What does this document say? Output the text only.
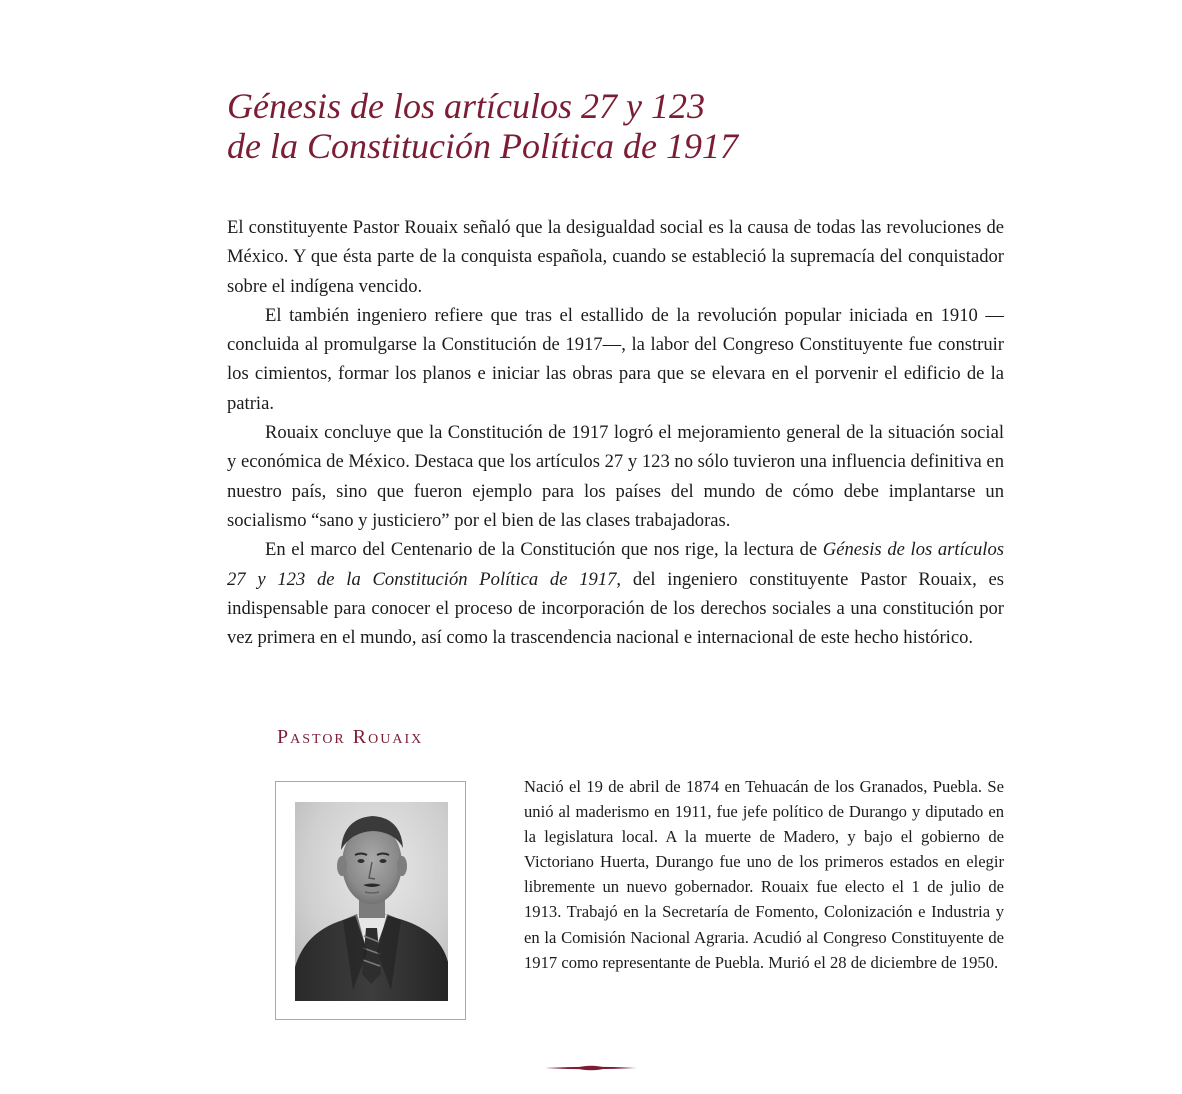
Génesis de los artículos 27 y 123
de la Constitución Política de 1917

El constituyente Pastor Rouaix señaló que la desigualdad social es la causa de todas las revoluciones de México. Y que ésta parte de la conquista española, cuando se estableció la supremacía del conquistador sobre el indígena vencido.

El también ingeniero refiere que tras el estallido de la revolución popular iniciada en 1910 —concluida al promulgarse la Constitución de 1917—, la labor del Congreso Constituyente fue construir los cimientos, formar los planos e iniciar las obras para que se elevara en el porvenir el edificio de la patria.

Rouaix concluye que la Constitución de 1917 logró el mejoramiento general de la situación social y económica de México. Destaca que los artículos 27 y 123 no sólo tuvieron una influencia definitiva en nuestro país, sino que fueron ejemplo para los países del mundo de cómo debe implantarse un socialismo “sano y justiciero” por el bien de las clases trabajadoras.

En el marco del Centenario de la Constitución que nos rige, la lectura de Génesis de los artículos 27 y 123 de la Constitución Política de 1917, del ingeniero constituyente Pastor Rouaix, es indispensable para conocer el proceso de incorporación de los derechos sociales a una constitución por vez primera en el mundo, así como la trascendencia nacional e internacional de este hecho histórico.

Pastor Rouaix

Nació el 19 de abril de 1874 en Tehuacán de los Granados, Puebla. Se unió al maderismo en 1911, fue jefe político de Durango y diputado en la legislatura local. A la muerte de Madero, y bajo el gobierno de Victoriano Huerta, Durango fue uno de los primeros estados en elegir libremente un nuevo gobernador. Rouaix fue electo el 1 de julio de 1913. Trabajó en la Secretaría de Fomento, Colonización e Industria y en la Comisión Nacional Agraria. Acudió al Congreso Constituyente de 1917 como representante de Puebla. Murió el 28 de diciembre de 1950.
